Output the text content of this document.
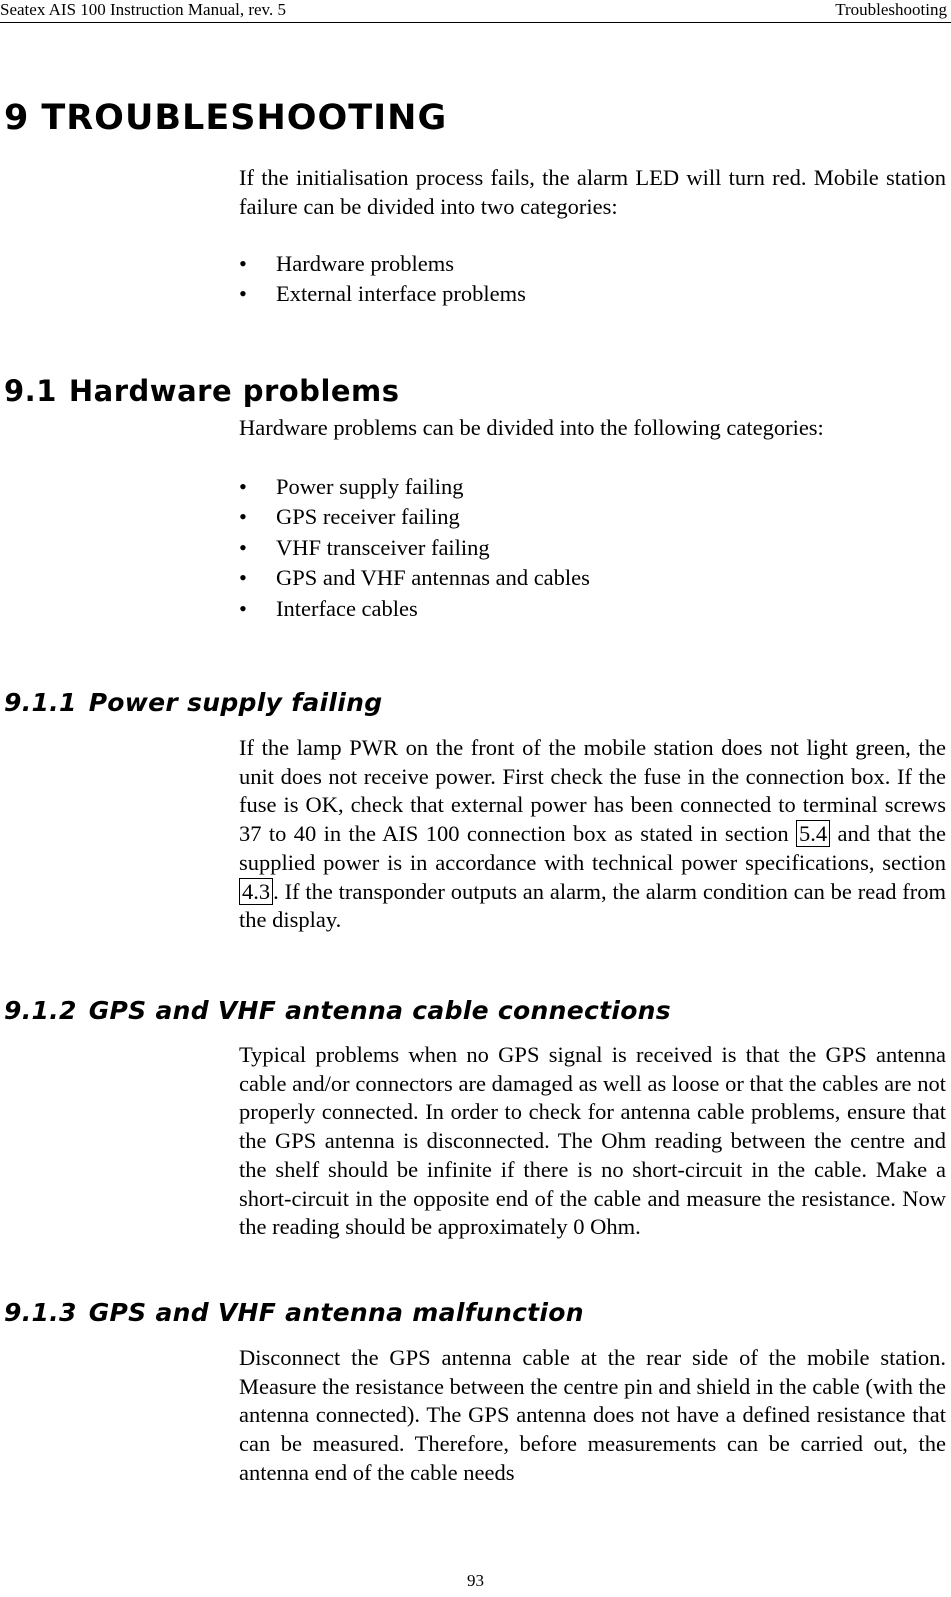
Seatex AIS 100 Instruction Manual, rev. 5	Troubleshooting
9 TROUBLESHOOTING

If the initialisation process fails, the alarm LED will turn red. Mobile station failure can be divided into two categories:

• Hardware problems
• External interface problems
9.1 Hardware problems

Hardware problems can be divided into the following categories:

• Power supply failing
• GPS receiver failing
• VHF transceiver failing
• GPS and VHF antennas and cables
• Interface cables
9.1.1 Power supply failing

If the lamp PWR on the front of the mobile station does not light green, the unit does not receive power. First check the fuse in the connection box. If the fuse is OK, check that external power has been connected to terminal screws 37 to 40 in the AIS 100 connection box as stated in section 5.4 and that the supplied power is in accordance with technical power specifications, section 4.3 . If the transponder outputs an alarm, the alarm condition can be read from the display.

9.1.2 GPS and VHF antenna cable connections

Typical problems when no GPS signal is received is that the GPS antenna cable and/or connectors are damaged as well as loose or that the cables are not properly connected. In order to check for antenna cable problems, ensure that the GPS antenna is disconnected. The Ohm reading between the centre and the shelf should be infinite if there is no short-circuit in the cable. Make a short-circuit in the opposite end of the cable and measure the resistance. Now the reading should be approximately 0 Ohm.

9.1.3 GPS and VHF antenna malfunction

Disconnect the GPS antenna cable at the rear side of the mobile station. Measure the resistance between the centre pin and shield in the cable (with the antenna connected). The GPS antenna does not have a defined resistance that can be measured. Therefore, before measurements can be carried out, the antenna end of the cable needs

93
